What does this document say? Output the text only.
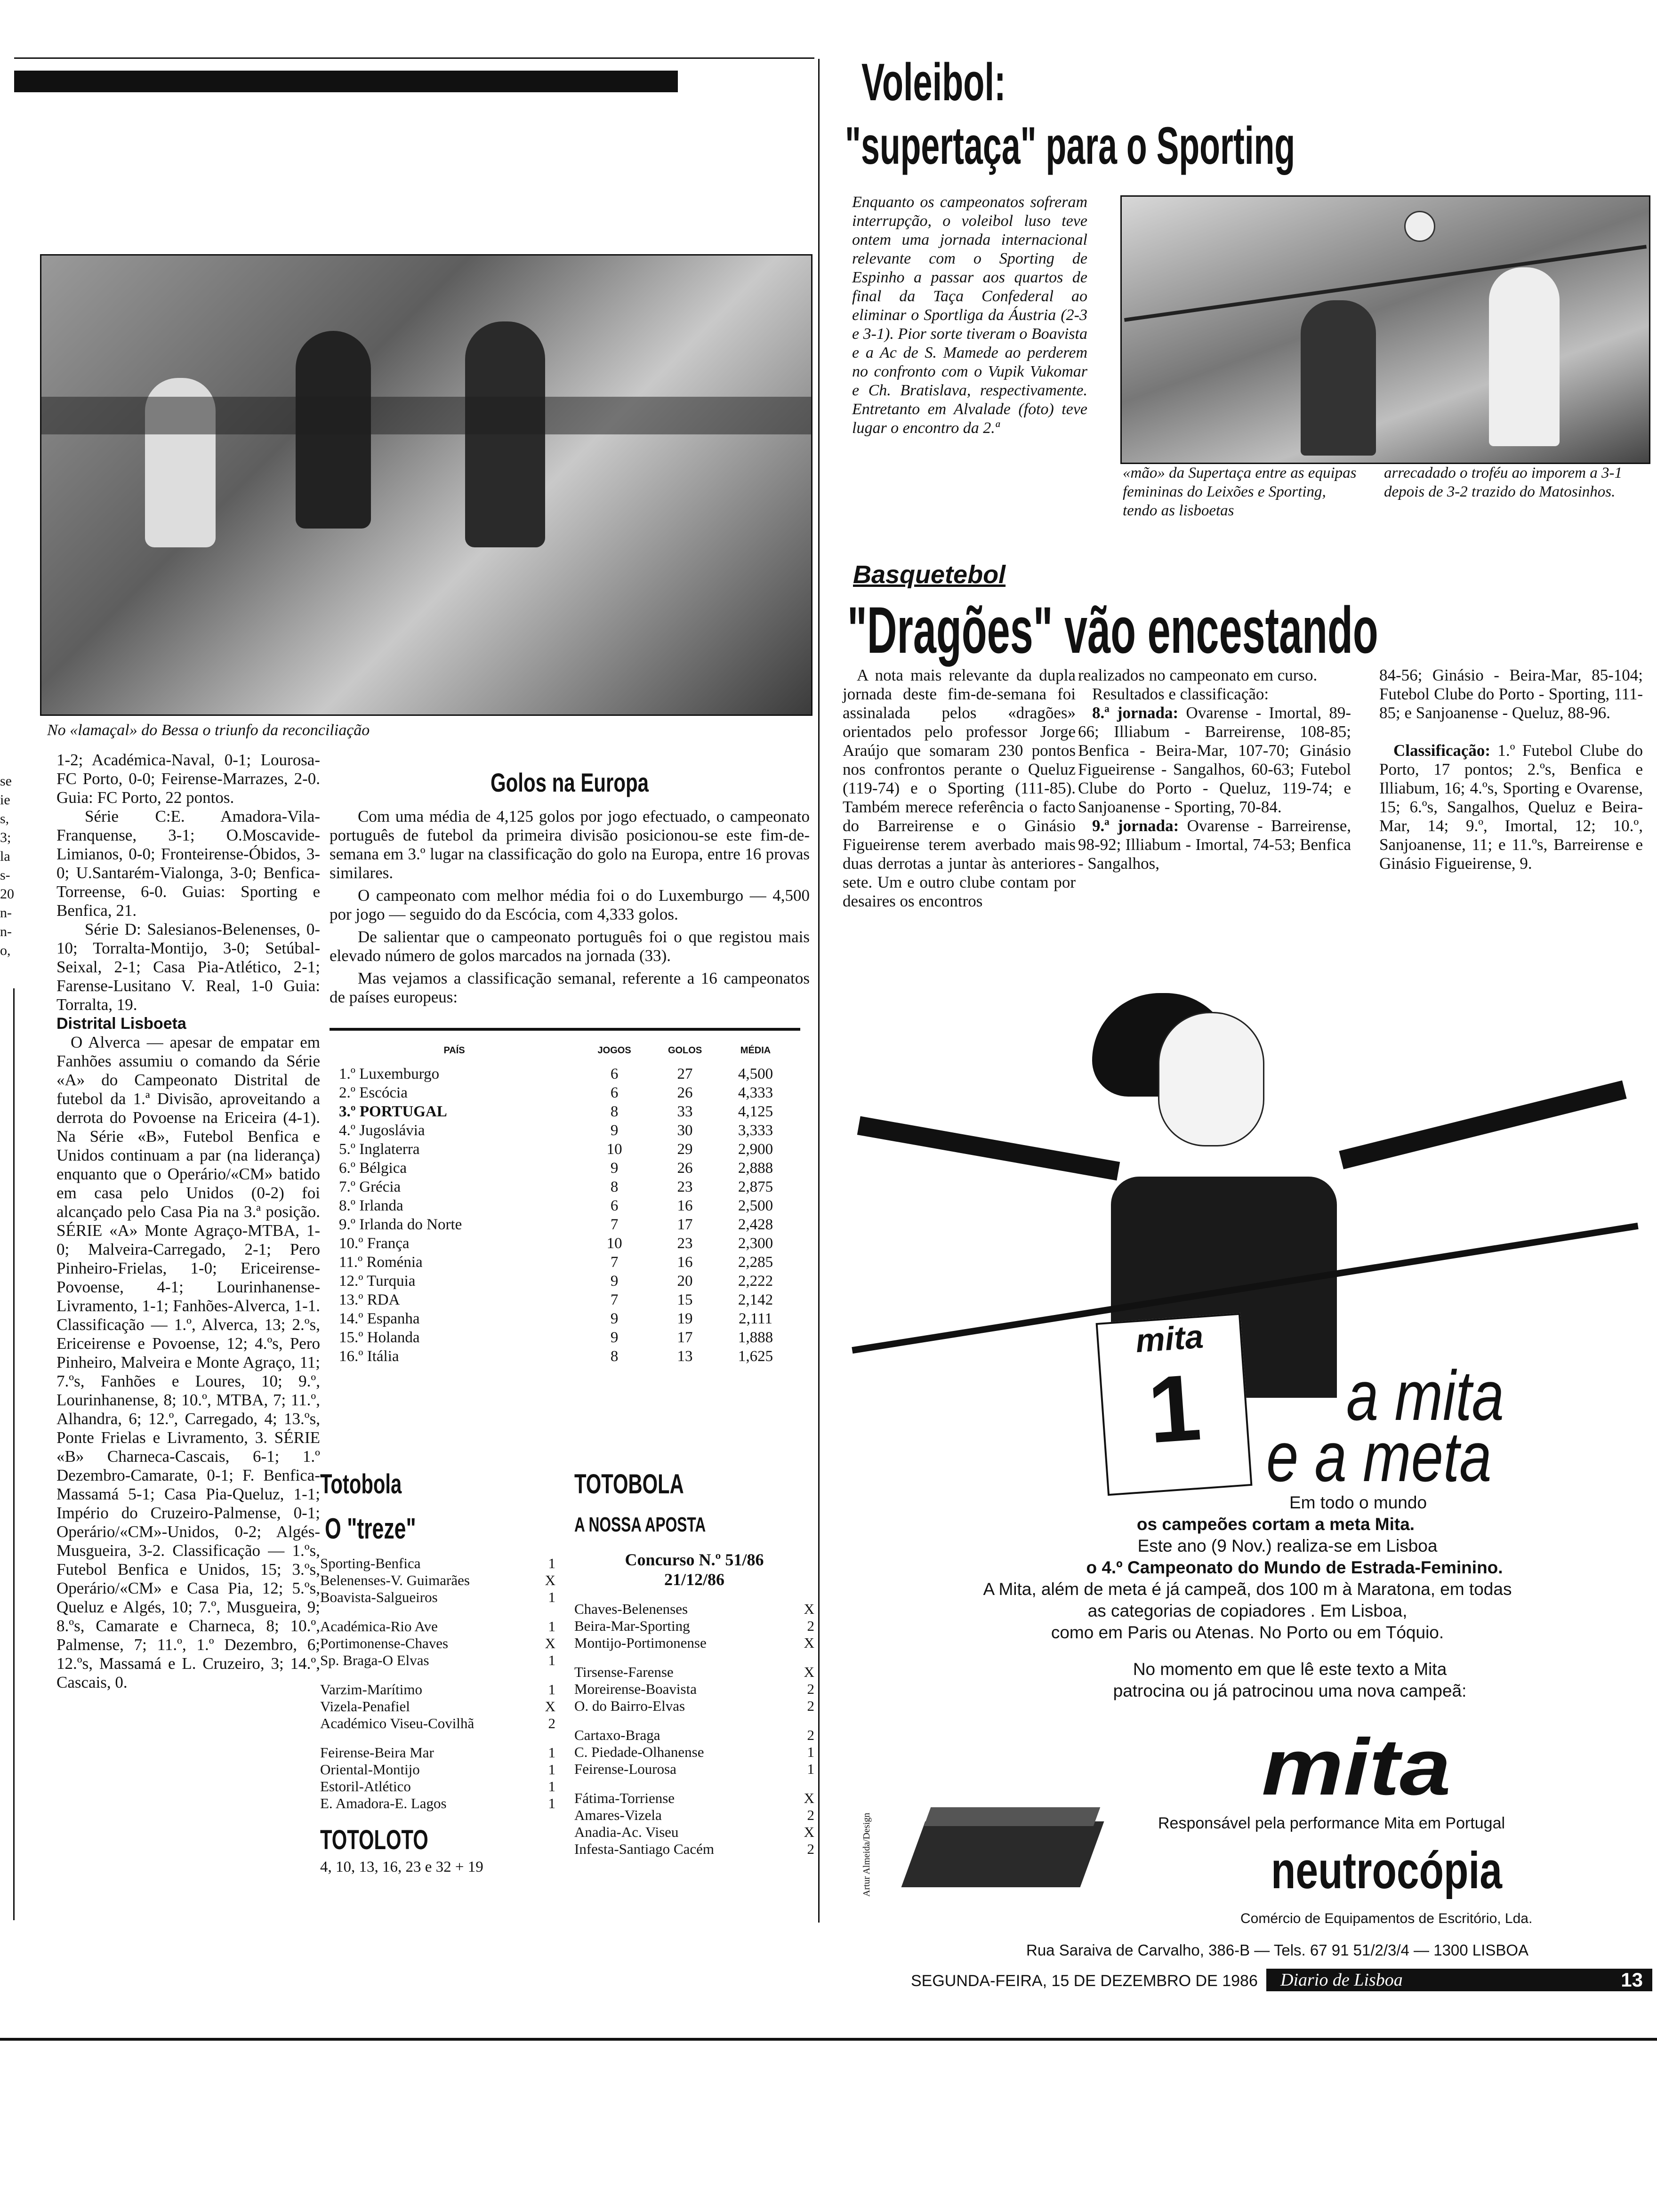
se
ie
s,
3;
la
s-
20
n-
n-
o,
No «lamaçal» do Bessa o triunfo da reconciliação

1-2; Académica-Naval, 0-1; Lourosa-FC Porto, 0-0; Feirense-Marrazes, 2-0. Guia: FC Porto, 22 pontos.

Série C:E. Amadora-Vila-Franquense, 3-1; O.Moscavide-Limianos, 0-0; Fronteirense-Óbidos, 3-0; U.Santarém-Vialonga, 3-0; Benfica-Torreense, 6-0. Guias: Sporting e Benfica, 21.

Série D: Salesianos-Belenenses, 0-10; Torralta-Montijo, 3-0; Setúbal-Seixal, 2-1; Casa Pia-Atlético, 2-1; Farense-Lusitano V. Real, 1-0 Guia: Torralta, 19.

Distrital Lisboeta

O Alverca — apesar de empatar em Fanhões assumiu o comando da Série «A» do Campeonato Distrital de futebol da 1.ª Divisão, aproveitando a derrota do Povoense na Ericeira (4-1). Na Série «B», Futebol Benfica e Unidos continuam a par (na liderança) enquanto que o Operário/«CM» batido em casa pelo Unidos (0-2) foi alcançado pelo Casa Pia na 3.ª posição. SÉRIE «A» Monte Agraço-MTBA, 1-0; Malveira-Carregado, 2-1; Pero Pinheiro-Frielas, 1-0; Ericeirense-Povoense, 4-1; Lourinhanense-Livramento, 1-1; Fanhões-Alverca, 1-1. Classificação — 1.º, Alverca, 13; 2.ºs, Ericeirense e Povoense, 12; 4.ºs, Pero Pinheiro, Malveira e Monte Agraço, 11; 7.ºs, Fanhões e Loures, 10; 9.º, Lourinhanense, 8; 10.º, MTBA, 7; 11.º, Alhandra, 6; 12.º, Carregado, 4; 13.ºs, Ponte Frielas e Livramento, 3. SÉRIE «B» Charneca-Cascais, 6-1; 1.º Dezembro-Camarate, 0-1; F. Benfica-Massamá 5-1; Casa Pia-Queluz, 1-1; Império do Cruzeiro-Palmense, 0-1; Operário/«CM»-Unidos, 0-2; Algés-Musgueira, 3-2. Classificação — 1.ºs, Futebol Benfica e Unidos, 15; 3.ºs, Operário/«CM» e Casa Pia, 12; 5.ºs, Queluz e Algés, 10; 7.º, Musgueira, 9; 8.ºs, Camarate e Charneca, 8; 10.º, Palmense, 7; 11.º, 1.º Dezembro, 6; 12.ºs, Massamá e L. Cruzeiro, 3; 14.º, Cascais, 0.

Golos na Europa

Com uma média de 4,125 golos por jogo efectuado, o campeonato português de futebol da primeira divisão posicionou-se este fim-de-semana em 3.º lugar na classificação do golo na Europa, entre 16 provas similares.

O campeonato com melhor média foi o do Luxemburgo — 4,500 por jogo — seguido do da Escócia, com 4,333 golos.

De salientar que o campeonato português foi o que registou mais elevado número de golos marcados na jornada (33).

Mas vejamos a classificação semanal, referente a 16 campeonatos de países europeus:

PAÍS	JOGOS	GOLOS	MÉDIA
1.º Luxemburgo	6	27	4,500
2.º Escócia	6	26	4,333
3.º PORTUGAL	8	33	4,125
4.º Jugoslávia	9	30	3,333
5.º Inglaterra	10	29	2,900
6.º Bélgica	9	26	2,888
7.º Grécia	8	23	2,875
8.º Irlanda	6	16	2,500
9.º Irlanda do Norte	7	17	2,428
10.º França	10	23	2,300
11.º Roménia	7	16	2,285
12.º Turquia	9	20	2,222
13.º RDA	7	15	2,142
14.º Espanha	9	19	2,111
15.º Holanda	9	17	1,888
16.º Itália	8	13	1,625
Totobola
O "treze"
Sporting-Benfica	1
Belenenses-V. Guimarães	X
Boavista-Salgueiros	1
Académica-Rio Ave	1
Portimonense-Chaves	X
Sp. Braga-O Elvas	1
Varzim-Marítimo	1
Vizela-Penafiel	X
Académico Viseu-Covilhã	2
Feirense-Beira Mar	1
Oriental-Montijo	1
Estoril-Atlético	1
E. Amadora-E. Lagos	1
TOTOLOTO
4, 10, 13, 16, 23 e 32 + 19
TOTOBOLA
A NOSSA APOSTA
Concurso N.º 51/86
21/12/86
Chaves-Belenenses	X
Beira-Mar-Sporting	2
Montijo-Portimonense	X
Tirsense-Farense	X
Moreirense-Boavista	2
O. do Bairro-Elvas	2
Cartaxo-Braga	2
C. Piedade-Olhanense	1
Feirense-Lourosa	1
Fátima-Torriense	X
Amares-Vizela	2
Anadia-Ac. Viseu	X
Infesta-Santiago Cacém	2
Voleibol:
"supertaça" para o Sporting
Enquanto os campeonatos sofreram interrupção, o voleibol luso teve ontem uma jornada internacional relevante com o Sporting de Espinho a passar aos quartos de final da Taça Confederal ao eliminar o Sportliga da Áustria (2-3 e 3-1). Pior sorte tiveram o Boavista e a Ac de S. Mamede ao perderem no confronto com o Vupik Vukomar e Ch. Bratislava, respectivamente. Entretanto em Alvalade (foto) teve lugar o encontro da 2.ª
«mão» da Supertaça entre as equipas femininas do Leixões e Sporting, tendo as lisboetas
arrecadado o troféu ao imporem a 3-1 depois de 3-2 trazido do Matosinhos.
Basquetebol
"Dragões" vão encestando
A nota mais relevante da dupla jornada deste fim-de-semana foi assinalada pelos «dragões» orientados pelo professor Jorge Araújo que somaram 230 pontos nos confrontos perante o Queluz (119-74) e o Sporting (111-85). Também merece referência o facto do Barreirense e o Ginásio Figueirense terem averbado mais duas derrotas a juntar às anteriores sete. Um e outro clube contam por desaires os encontros

realizados no campeonato em curso.

Resultados e classificação:

8.ª jornada: Ovarense - Imortal, 89-66; Illiabum - Barreirense, 108-85; Benfica - Beira-Mar, 107-70; Ginásio Figueirense - Sangalhos, 60-63; Futebol Clube do Porto - Queluz, 119-74; e Sanjoanense - Sporting, 70-84.

9.ª jornada: Ovarense - Barreirense, 98-92; Illiabum - Imortal, 74-53; Benfica - Sangalhos,

84-56; Ginásio - Beira-Mar, 85-104; Futebol Clube do Porto - Sporting, 111-85; e Sanjoanense - Queluz, 88-96.

Classificação: 1.º Futebol Clube do Porto, 17 pontos; 2.ºs, Benfica e Illiabum, 16; 4.ºs, Sporting e Ovarense, 15; 6.ºs, Sangalhos, Queluz e Beira-Mar, 14; 9.º, Imortal, 12; 10.º, Sanjoanense, 11; e 11.ºs, Barreirense e Ginásio Figueirense, 9.

mita
1	a mita
e a meta
Em todo o mundo
os campeões cortam a meta Mita.
Este ano (9 Nov.) realiza-se em Lisboa
o 4.º Campeonato do Mundo de Estrada-Feminino.
A Mita, além de meta é já campeã, dos 100 m à Maratona, em todas
as categorias de copiadores . Em Lisboa,
como em Paris ou Atenas. No Porto ou em Tóquio.
No momento em que lê este texto a Mita
patrocina ou já patrocinou uma nova campeã:
mita
Responsável pela performance Mita em Portugal
Artur Almeida/Design	neutrocópia
Comércio de Equipamentos de Escritório, Lda.
Rua Saraiva de Carvalho, 386-B — Tels. 67 91 51/2/3/4 — 1300 LISBOA
SEGUNDA-FEIRA, 15 DE DEZEMBRO DE 1986 Diario de Lisboa	13
